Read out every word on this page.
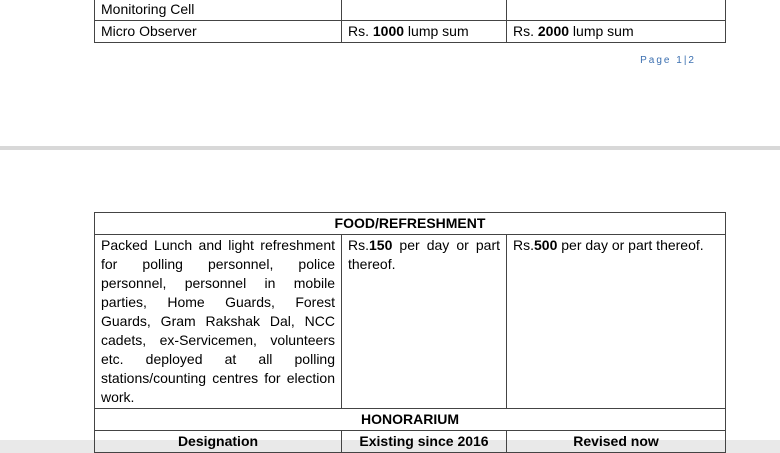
Monitoring Cell		
Micro Observer	Rs. 1000 lump sum	Rs. 2000 lump sum
Page 1|2
FOOD/REFRESHMENT		
Packed Lunch and light refreshment for polling personnel, police personnel, personnel in mobile parties, Home Guards, Forest Guards, Gram Rakshak Dal, NCC cadets, ex-Servicemen, volunteers etc. deployed at all polling stations/counting centres for election work.	Rs.150 per day or part thereof.	Rs.500 per day or part thereof.
HONORARIUM		
Designation	Existing since 2016	Revised now
